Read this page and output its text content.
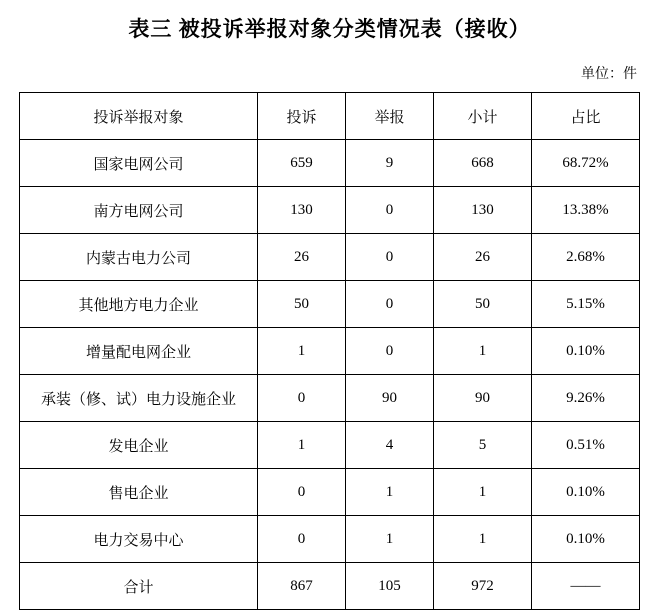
表三 被投诉举报对象分类情况表（接收）
单位：件
投诉举报对象	投诉	举报	小计	占比
国家电网公司	659	9	668	68.72%
南方电网公司	130	0	130	13.38%
内蒙古电力公司	26	0	26	2.68%
其他地方电力企业	50	0	50	5.15%
增量配电网企业	1	0	1	0.10%
承装（修、试）电力设施企业	0	90	90	9.26%
发电企业	1	4	5	0.51%
售电企业	0	1	1	0.10%
电力交易中心	0	1	1	0.10%
合计	867	105	972	——
